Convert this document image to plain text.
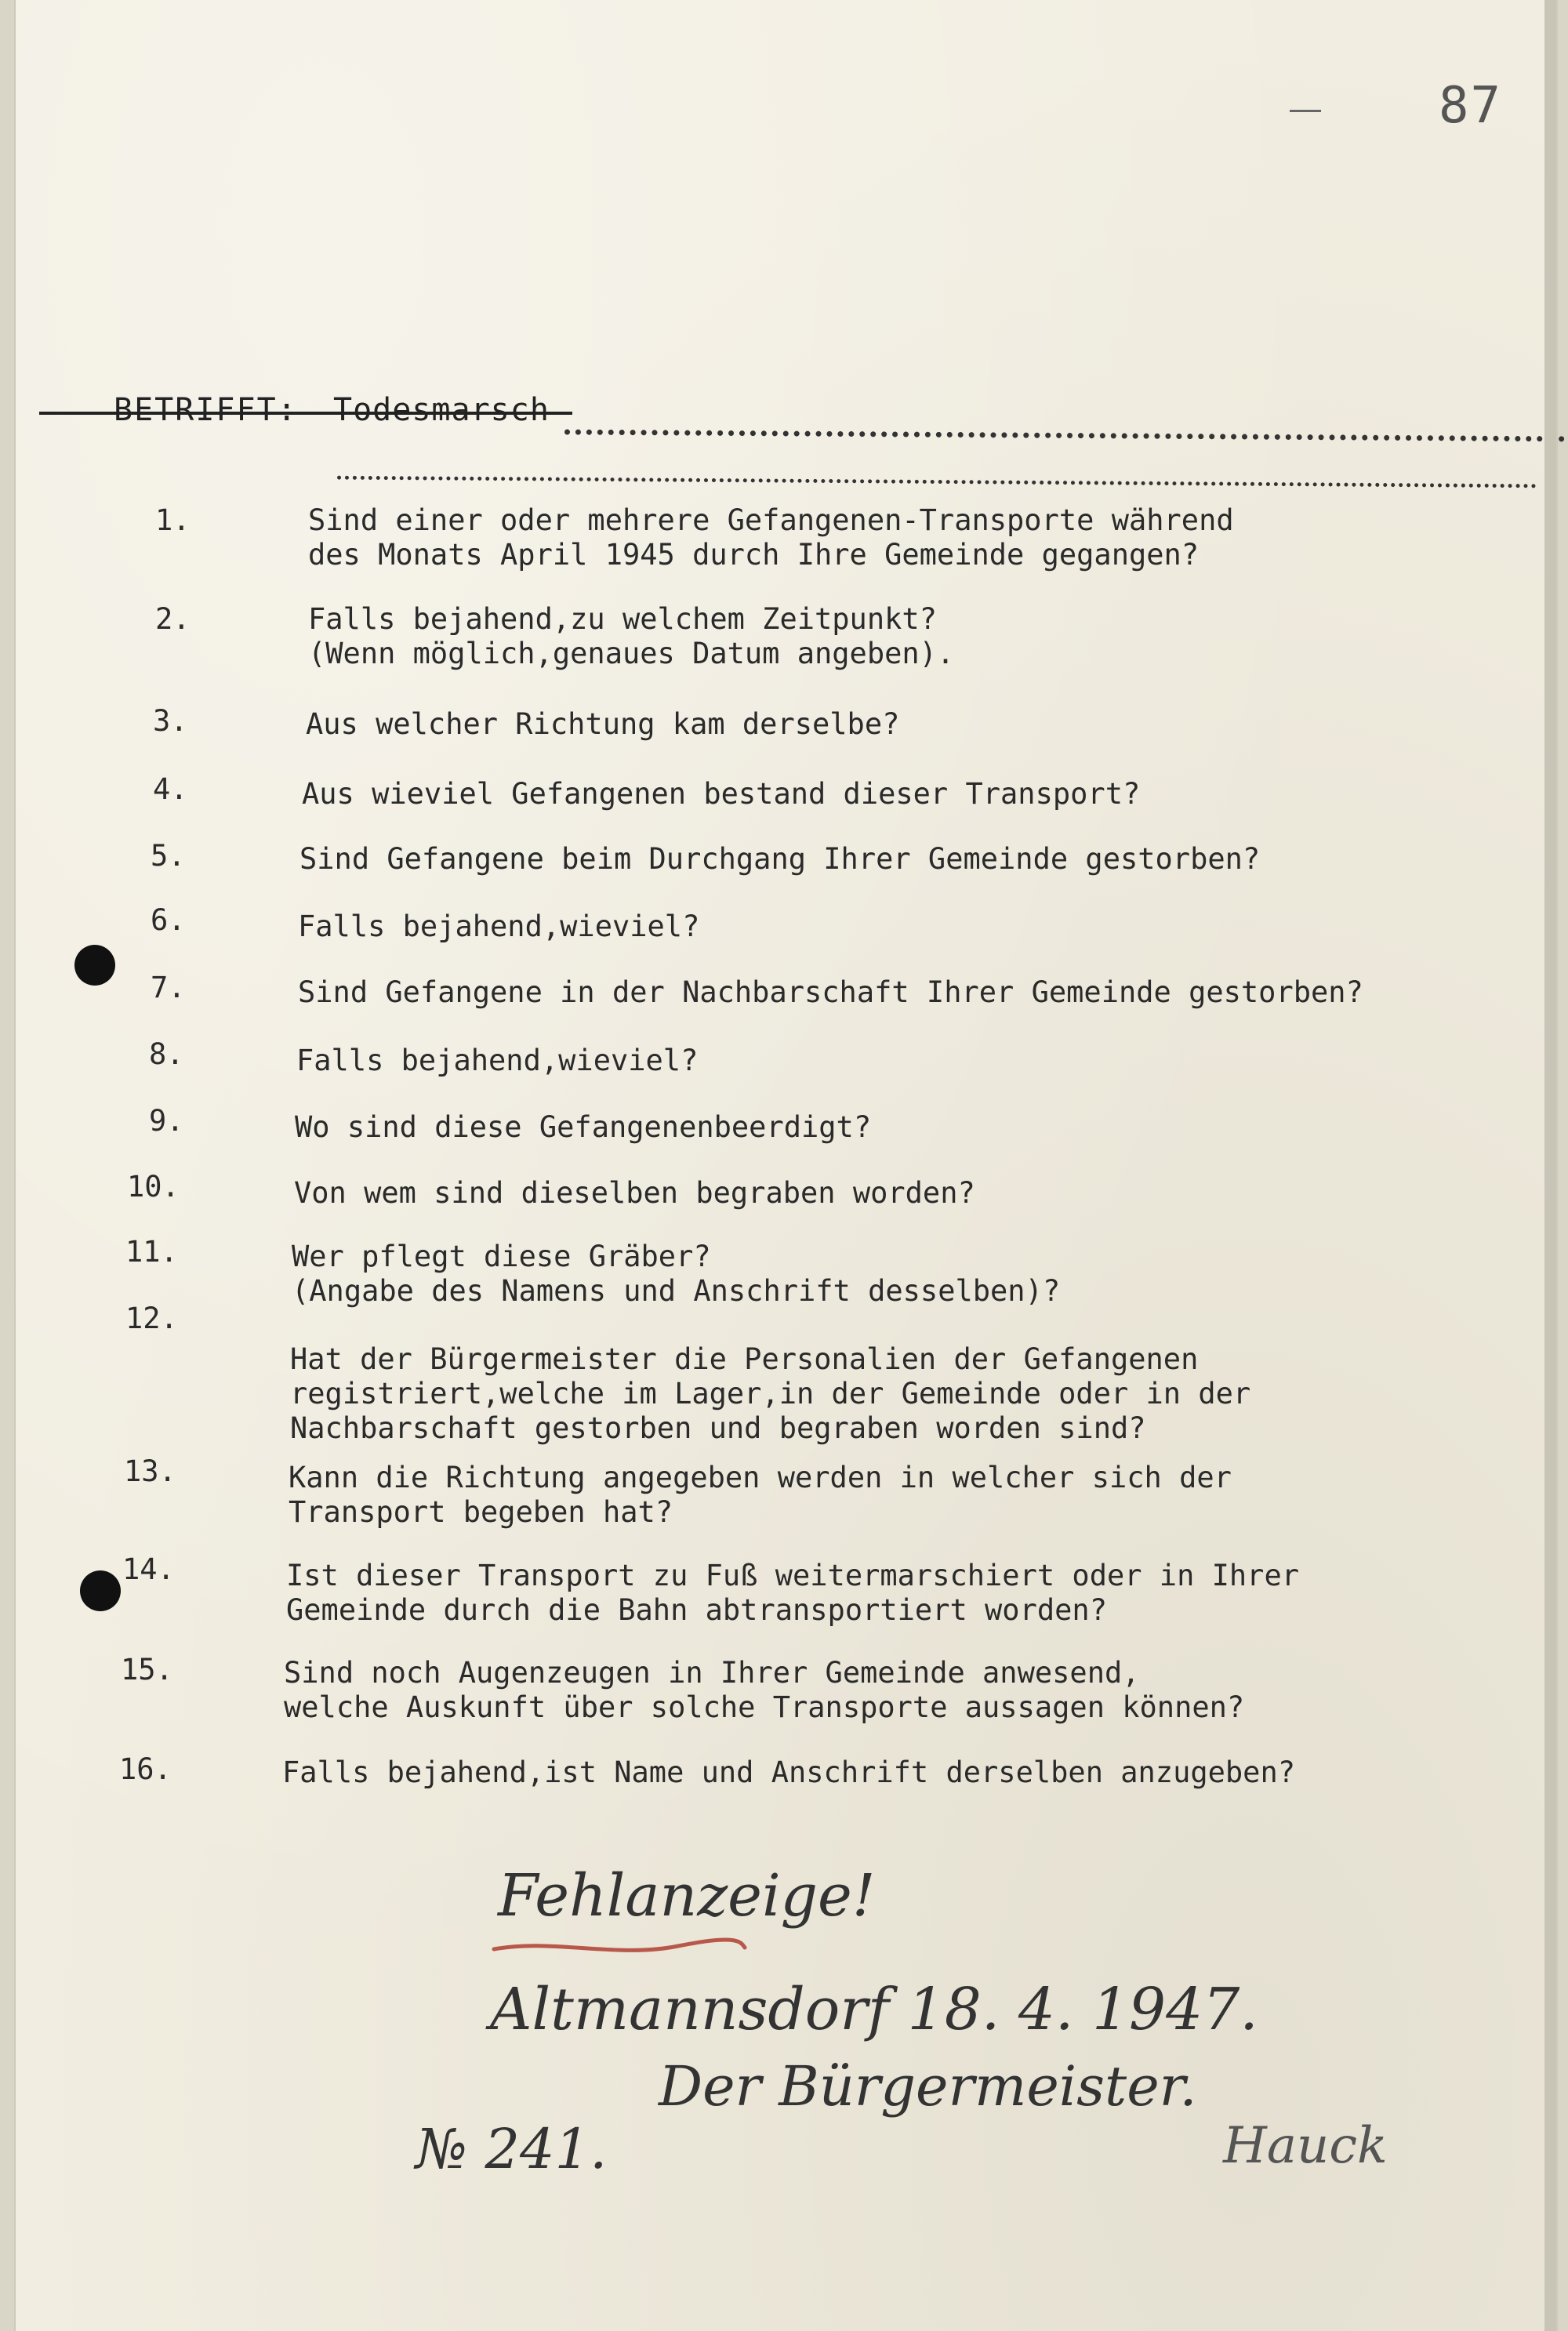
87
BETRIFFT: Todesmarsch

1.

	Sind einer oder mehrere Gefangenen-Transporte während

des Monats April 1945 durch Ihre Gemeinde gegangen?

2.

	Falls bejahend,zu welchem Zeitpunkt?

(Wenn möglich,genaues Datum angeben).

3.

	Aus welcher Richtung kam derselbe?

4.

	Aus wieviel Gefangenen bestand dieser Transport?

5.

	Sind Gefangene beim Durchgang Ihrer Gemeinde gestorben?

6.

	Falls bejahend,wieviel?

7.

	Sind Gefangene in der Nachbarschaft Ihrer Gemeinde gestorben?

8.

	Falls bejahend,wieviel?

9.

	Wo sind diese Gefangenenbeerdigt?

10.

	Von wem sind dieselben begraben worden?

11.

	Wer pflegt diese Gräber?

(Angabe des Namens und Anschrift desselben)?

12.

Hat der Bürgermeister die Personalien der Gefangenen

registriert,welche im Lager,in der Gemeinde oder in der

Nachbarschaft gestorben und begraben worden sind?

13.

	Kann die Richtung angegeben werden in welcher sich der

Transport begeben hat?

14.

	Ist dieser Transport zu Fuß weitermarschiert oder in Ihrer

Gemeinde durch die Bahn abtransportiert worden?

15.

	Sind noch Augenzeugen in Ihrer Gemeinde anwesend,

welche Auskunft über solche Transporte aussagen können?

16.

	Falls bejahend,ist Name und Anschrift derselben anzugeben?

Fehlanzeige!
Altmannsdorf 18. 4. 1947.
Der Bürgermeister.
№ 241.	Hauck
